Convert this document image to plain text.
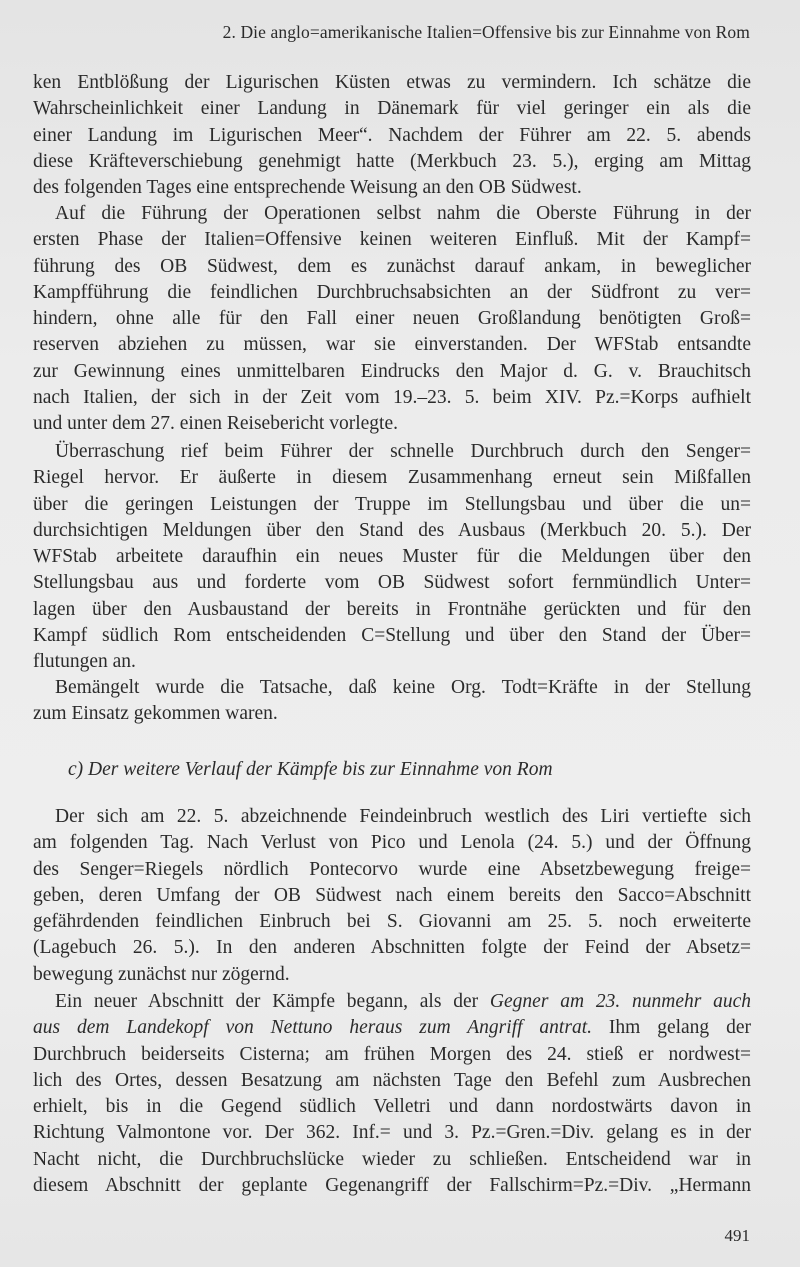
2. Die anglo=amerikanische Italien=Offensive bis zur Einnahme von Rom
ken Entblößung der Ligurischen Küsten etwas zu vermindern. Ich schätze die
Wahrscheinlichkeit einer Landung in Dänemark für viel geringer ein als die
einer Landung im Ligurischen Meer“. Nachdem der Führer am 22. 5. abends
diese Kräfteverschiebung genehmigt hatte (Merkbuch 23. 5.), erging am Mittag
des folgenden Tages eine entsprechende Weisung an den OB Südwest.
Auf die Führung der Operationen selbst nahm die Oberste Führung in der
ersten Phase der Italien=Offensive keinen weiteren Einfluß. Mit der Kampf=
führung des OB Südwest, dem es zunächst darauf ankam, in beweglicher
Kampfführung die feindlichen Durchbruchsabsichten an der Südfront zu ver=
hindern, ohne alle für den Fall einer neuen Großlandung benötigten Groß=
reserven abziehen zu müssen, war sie einverstanden. Der WFStab entsandte
zur Gewinnung eines unmittelbaren Eindrucks den Major d. G. v. Brauchitsch
nach Italien, der sich in der Zeit vom 19.–23. 5. beim XIV. Pz.=Korps aufhielt
und unter dem 27. einen Reisebericht vorlegte.
Überraschung rief beim Führer der schnelle Durchbruch durch den Senger=
Riegel hervor. Er äußerte in diesem Zusammenhang erneut sein Mißfallen
über die geringen Leistungen der Truppe im Stellungsbau und über die un=
durchsichtigen Meldungen über den Stand des Ausbaus (Merkbuch 20. 5.). Der
WFStab arbeitete daraufhin ein neues Muster für die Meldungen über den
Stellungsbau aus und forderte vom OB Südwest sofort fernmündlich Unter=
lagen über den Ausbaustand der bereits in Frontnähe gerückten und für den
Kampf südlich Rom entscheidenden C=Stellung und über den Stand der Über=
flutungen an.
Bemängelt wurde die Tatsache, daß keine Org. Todt=Kräfte in der Stellung
zum Einsatz gekommen waren.
Der sich am 22. 5. abzeichnende Feindeinbruch westlich des Liri vertiefte sich
am folgenden Tag. Nach Verlust von Pico und Lenola (24. 5.) und der Öffnung
des Senger=Riegels nördlich Pontecorvo wurde eine Absetzbewegung freige=
geben, deren Umfang der OB Südwest nach einem bereits den Sacco=Abschnitt
gefährdenden feindlichen Einbruch bei S. Giovanni am 25. 5. noch erweiterte
(Lagebuch 26. 5.). In den anderen Abschnitten folgte der Feind der Absetz=
bewegung zunächst nur zögernd.
Ein neuer Abschnitt der Kämpfe begann, als der Gegner am 23. nunmehr auch
aus dem Landekopf von Nettuno heraus zum Angriff antrat. Ihm gelang der
Durchbruch beiderseits Cisterna; am frühen Morgen des 24. stieß er nordwest=
lich des Ortes, dessen Besatzung am nächsten Tage den Befehl zum Ausbrechen
erhielt, bis in die Gegend südlich Velletri und dann nordostwärts davon in
Richtung Valmontone vor. Der 362. Inf.= und 3. Pz.=Gren.=Div. gelang es in der
Nacht nicht, die Durchbruchslücke wieder zu schließen. Entscheidend war in
diesem Abschnitt der geplante Gegenangriff der Fallschirm=Pz.=Div. „Hermann
c) Der weitere Verlauf der Kämpfe bis zur Einnahme von Rom
491
